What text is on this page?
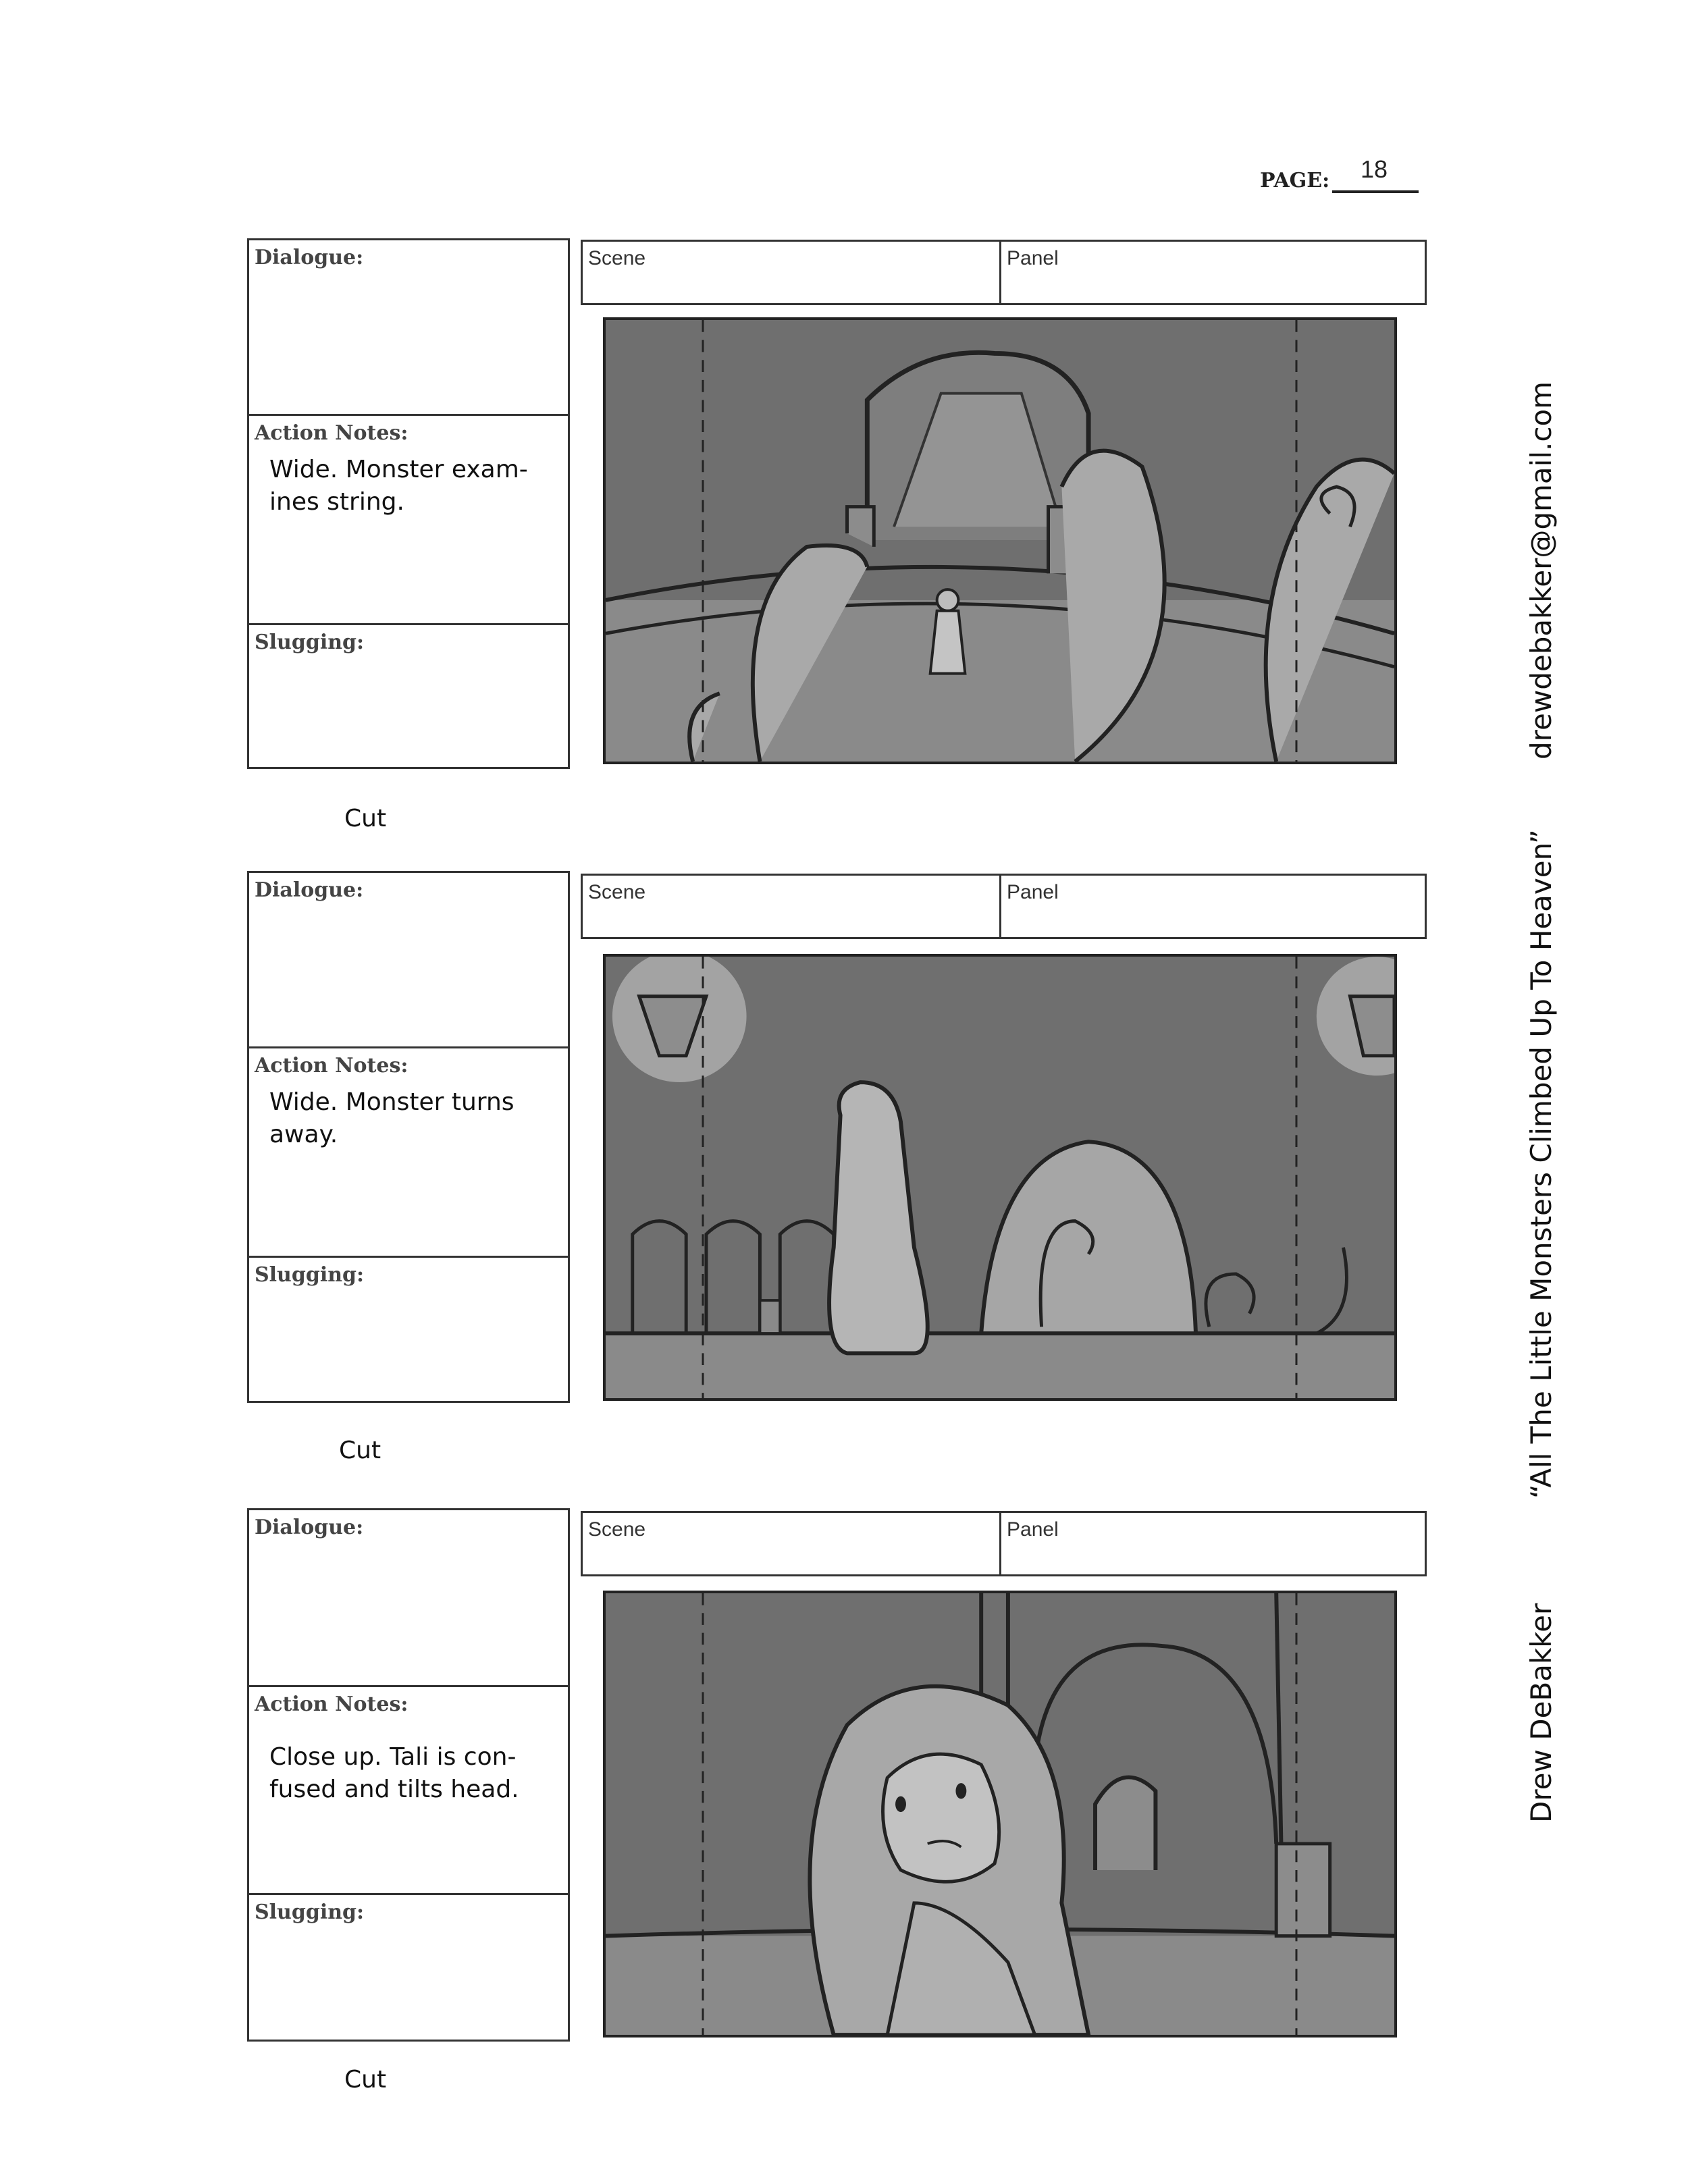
PAGE: 18
Dialogue:
Action Notes:
Wide. Monster exam-
ines string.
Slugging:
Scene	Panel
Cut
Dialogue:
Action Notes:
Wide. Monster turns
away.
Slugging:
Scene	Panel
Cut
Dialogue:
Action Notes:
Close up. Tali is con-
fused and tilts head.
Slugging:
Scene	Panel
Cut
drewdebakker@gmail.com
“All The Little Monsters Climbed Up To Heaven”
Drew DeBakker
